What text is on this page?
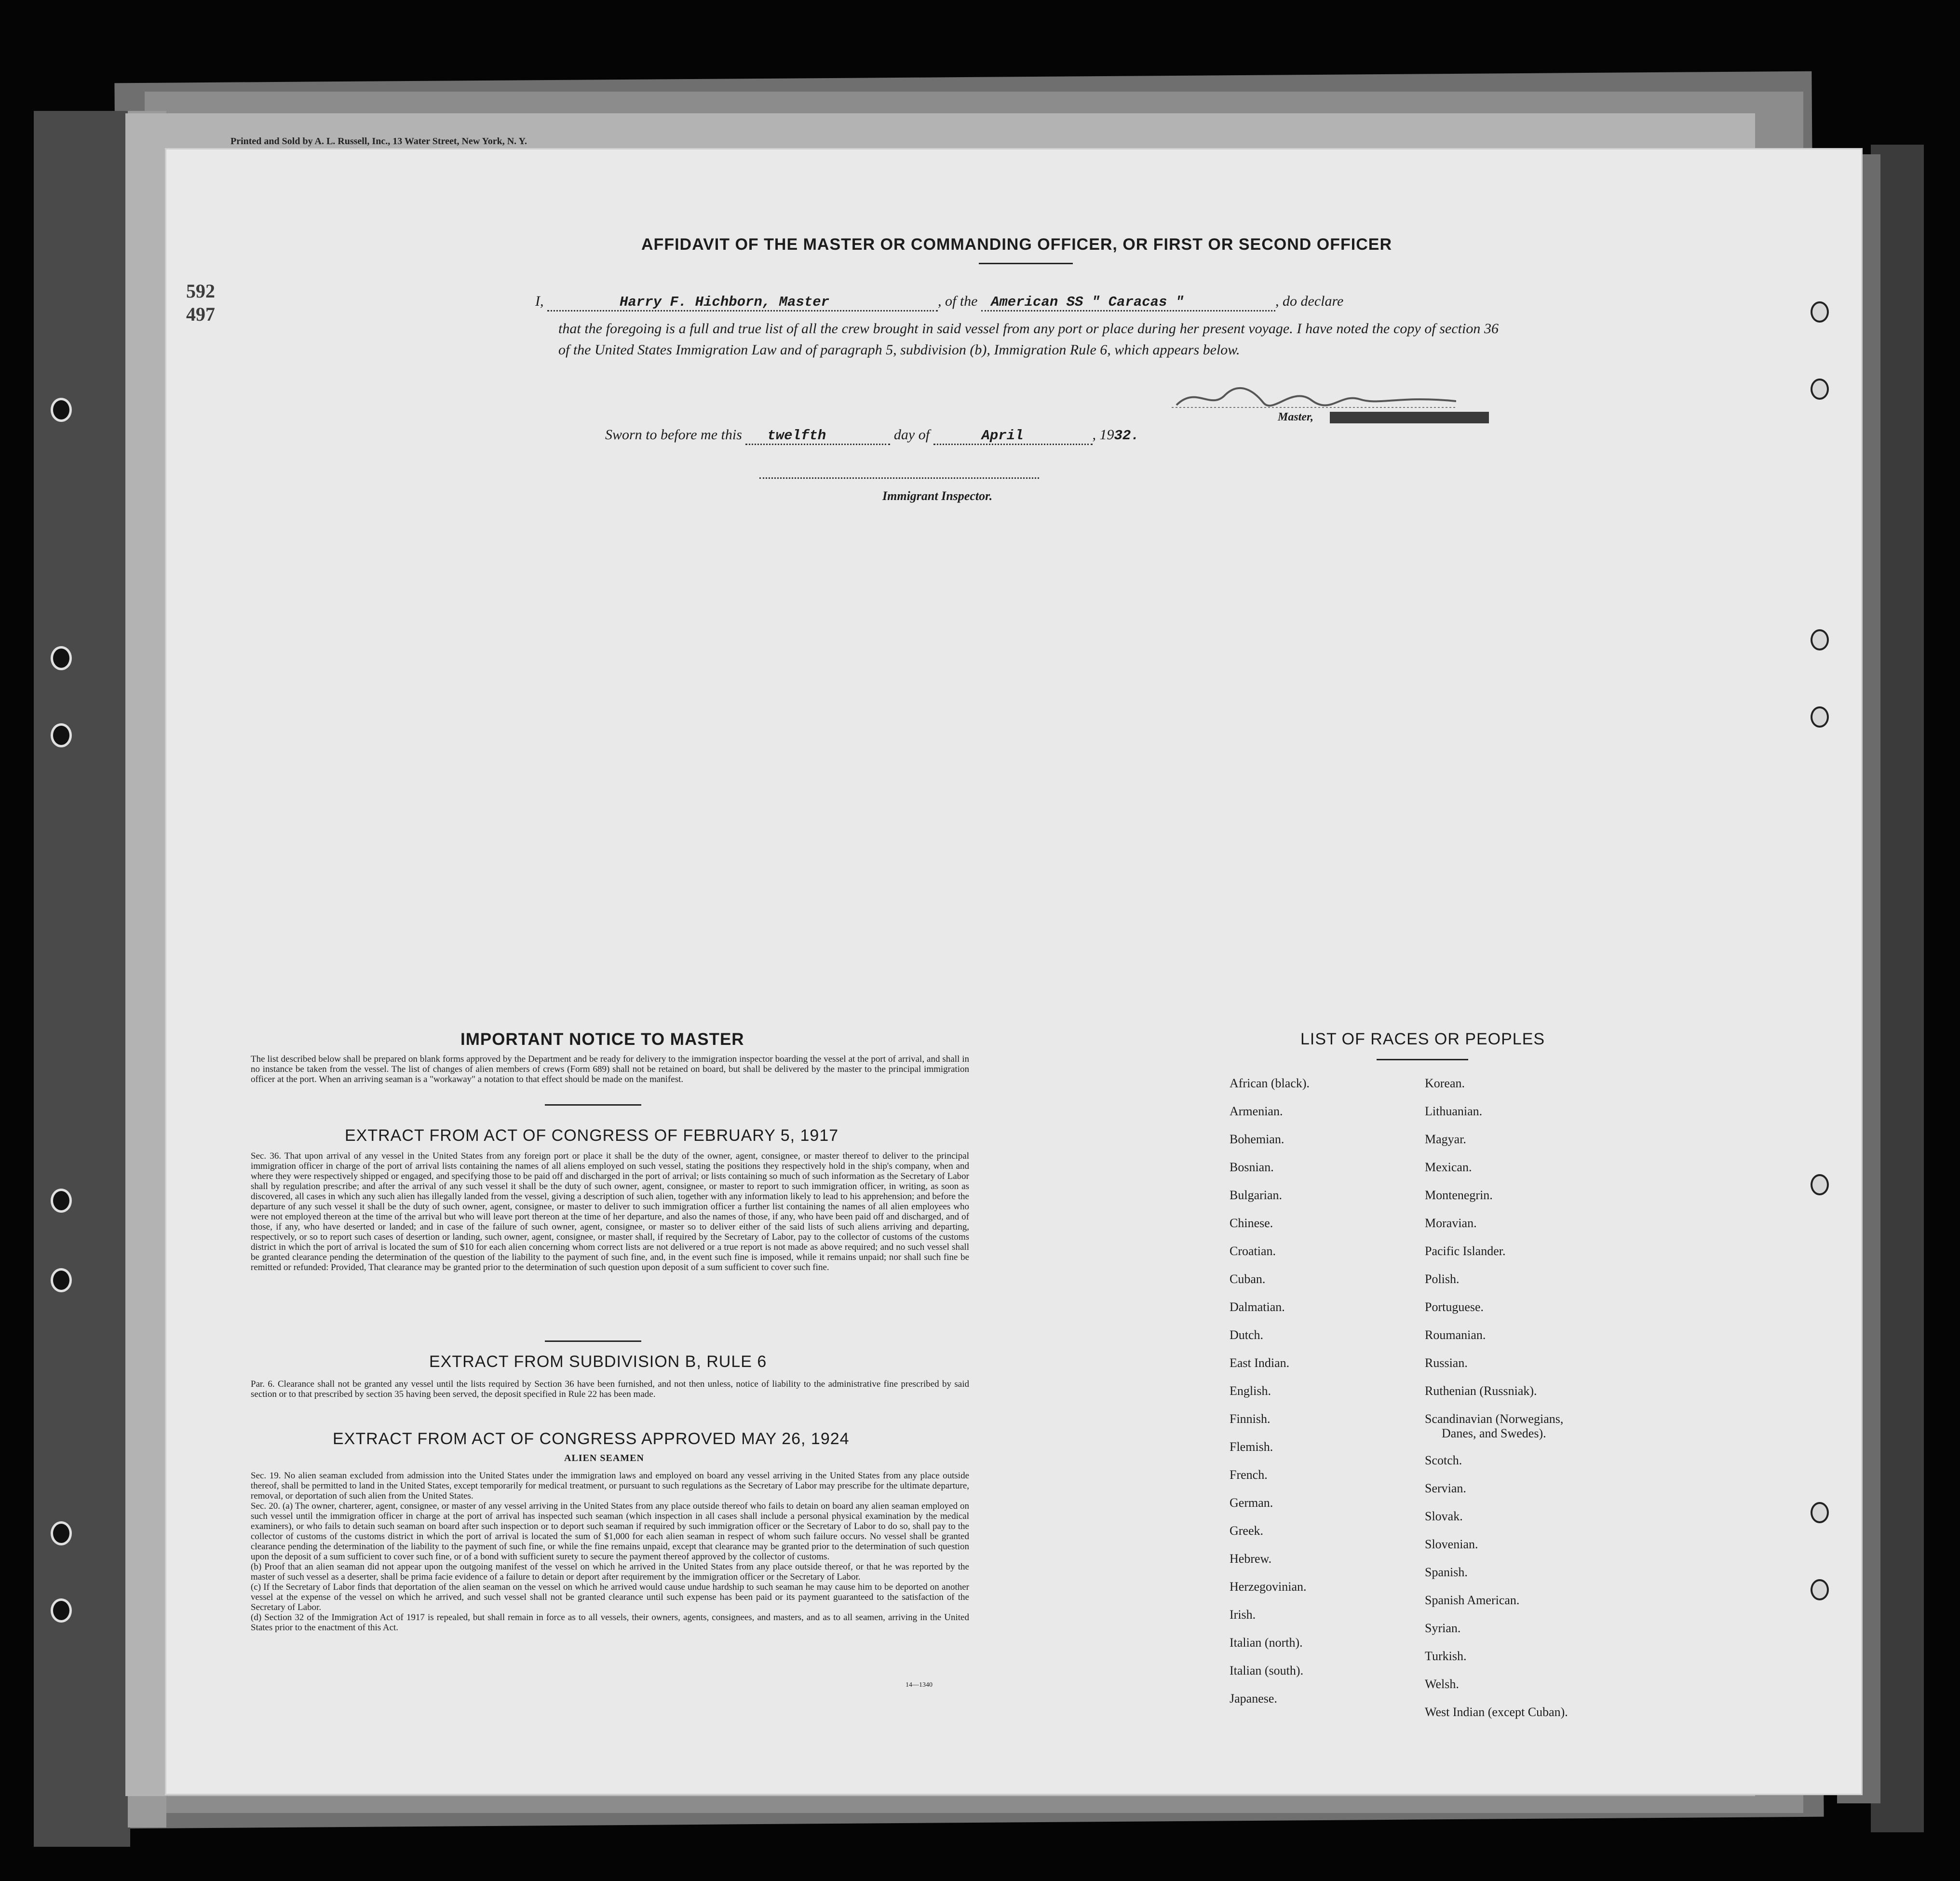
Printed and Sold by A. L. Russell, Inc., 13 Water Street, New York, N. Y.
592
497
AFFIDAVIT OF THE MASTER OR COMMANDING OFFICER, OR FIRST OR SECOND OFFICER
I,	Harry F. Hichborn, Master	, of the American SS " Caracas "	, do declare
that the foregoing is a full and true list of all the crew brought in said vessel from any port or place during her present voyage. I have noted the copy of section 36 of the United States Immigration Law and of paragraph 5, subdivision (b), Immigration Rule 6, which appears below.
Master,
Sworn to before me this twelfth	day of	April	, 1932.
Immigrant Inspector.
IMPORTANT NOTICE TO MASTER
The list described below shall be prepared on blank forms approved by the Department and be ready for delivery to the immigration inspector boarding the vessel at the port of arrival, and shall in no instance be taken from the vessel. The list of changes of alien members of crews (Form 689) shall not be retained on board, but shall be delivered by the master to the principal immigration officer at the port. When an arriving seaman is a "workaway" a notation to that effect should be made on the manifest.
EXTRACT FROM ACT OF CONGRESS OF FEBRUARY 5, 1917
Sec. 36. That upon arrival of any vessel in the United States from any foreign port or place it shall be the duty of the owner, agent, consignee, or master thereof to deliver to the principal immigration officer in charge of the port of arrival lists containing the names of all aliens employed on such vessel, stating the positions they respectively hold in the ship's company, when and where they were respectively shipped or engaged, and specifying those to be paid off and discharged in the port of arrival; or lists containing so much of such information as the Secretary of Labor shall by regulation prescribe; and after the arrival of any such vessel it shall be the duty of such owner, agent, consignee, or master to report to such immigration officer, in writing, as soon as discovered, all cases in which any such alien has illegally landed from the vessel, giving a description of such alien, together with any information likely to lead to his apprehension; and before the departure of any such vessel it shall be the duty of such owner, agent, consignee, or master to deliver to such immigration officer a further list containing the names of all alien employees who were not employed thereon at the time of the arrival but who will leave port thereon at the time of her departure, and also the names of those, if any, who have been paid off and discharged, and of those, if any, who have deserted or landed; and in case of the failure of such owner, agent, consignee, or master so to deliver either of the said lists of such aliens arriving and departing, respectively, or so to report such cases of desertion or landing, such owner, agent, consignee, or master shall, if required by the Secretary of Labor, pay to the collector of customs of the customs district in which the port of arrival is located the sum of $10 for each alien concerning whom correct lists are not delivered or a true report is not made as above required; and no such vessel shall be granted clearance pending the determination of the question of the liability to the payment of such fine, and, in the event such fine is imposed, while it remains unpaid; nor shall such fine be remitted or refunded: Provided, That clearance may be granted prior to the determination of such question upon deposit of a sum sufficient to cover such fine.
EXTRACT FROM SUBDIVISION B, RULE 6
Par. 6. Clearance shall not be granted any vessel until the lists required by Section 36 have been furnished, and not then unless, notice of liability to the administrative fine prescribed by said section or to that prescribed by section 35 having been served, the deposit specified in Rule 22 has been made.
EXTRACT FROM ACT OF CONGRESS APPROVED MAY 26, 1924
ALIEN SEAMEN
Sec. 19. No alien seaman excluded from admission into the United States under the immigration laws and employed on board any vessel arriving in the United States from any place outside thereof, shall be permitted to land in the United States, except temporarily for medical treatment, or pursuant to such regulations as the Secretary of Labor may prescribe for the ultimate departure, removal, or deportation of such alien from the United States.
Sec. 20. (a) The owner, charterer, agent, consignee, or master of any vessel arriving in the United States from any place outside thereof who fails to detain on board any alien seaman employed on such vessel until the immigration officer in charge at the port of arrival has inspected such seaman (which inspection in all cases shall include a personal physical examination by the medical examiners), or who fails to detain such seaman on board after such inspection or to deport such seaman if required by such immigration officer or the Secretary of Labor to do so, shall pay to the collector of customs of the customs district in which the port of arrival is located the sum of $1,000 for each alien seaman in respect of whom such failure occurs. No vessel shall be granted clearance pending the determination of the liability to the payment of such fine, or while the fine remains unpaid, except that clearance may be granted prior to the determination of such question upon the deposit of a sum sufficient to cover such fine, or of a bond with sufficient surety to secure the payment thereof approved by the collector of customs.
(b) Proof that an alien seaman did not appear upon the outgoing manifest of the vessel on which he arrived in the United States from any place outside thereof, or that he was reported by the master of such vessel as a deserter, shall be prima facie evidence of a failure to detain or deport after requirement by the immigration officer or the Secretary of Labor.
(c) If the Secretary of Labor finds that deportation of the alien seaman on the vessel on which he arrived would cause undue hardship to such seaman he may cause him to be deported on another vessel at the expense of the vessel on which he arrived, and such vessel shall not be granted clearance until such expense has been paid or its payment guaranteed to the satisfaction of the Secretary of Labor.
(d) Section 32 of the Immigration Act of 1917 is repealed, but shall remain in force as to all vessels, their owners, agents, consignees, and masters, and as to all seamen, arriving in the United States prior to the enactment of this Act.
14—1340
LIST OF RACES OR PEOPLES
African (black).
Armenian.
Bohemian.
Bosnian.
Bulgarian.
Chinese.
Croatian.
Cuban.
Dalmatian.
Dutch.
East Indian.
English.
Finnish.
Flemish.
French.
German.
Greek.
Hebrew.
Herzegovinian.
Irish.
Italian (north).
Italian (south).
Japanese.
Korean.
Lithuanian.
Magyar.
Mexican.
Montenegrin.
Moravian.
Pacific Islander.
Polish.
Portuguese.
Roumanian.
Russian.
Ruthenian (Russniak).
Scandinavian (Norwegians,
Danes, and Swedes).
Scotch.
Servian.
Slovak.
Slovenian.
Spanish.
Spanish American.
Syrian.
Turkish.
Welsh.
West Indian (except Cuban).
